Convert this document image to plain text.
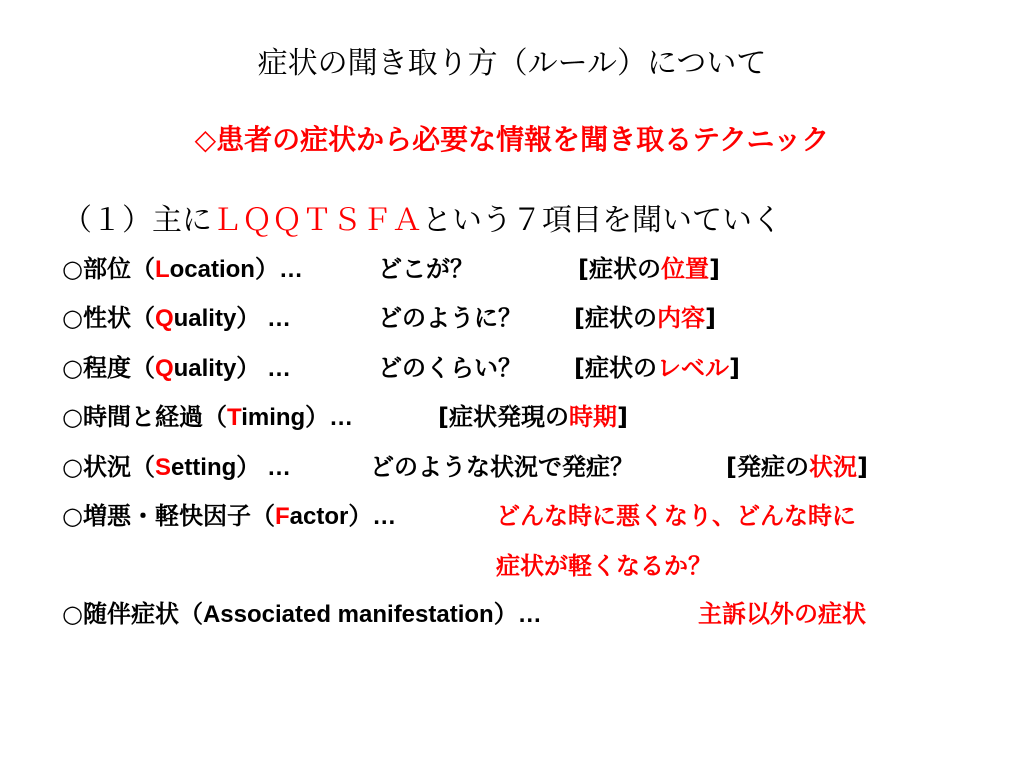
症状の聞き取り方（ルール）について
◇患者の症状から必要な情報を聞き取るテクニック
（１）主にＬＱＱＴＳＦＡという７項目を聞いていく
○部位（Location）…	どこが？	[症状の位置]
○性状（Quality） …	どのように？ [症状の内容]
○程度（Quality） …	どのくらい？ [症状のレベル]
○時間と経過（Timing）…	[症状発現の時期]
○状況（Setting） …	どのような状況で発症？	[発症の状況]
○増悪・軽快因子（Factor）…	どんな時に悪くなり、どんな時に
症状が軽くなるか？
○随伴症状（Associated manifestation）…	主訴以外の症状
